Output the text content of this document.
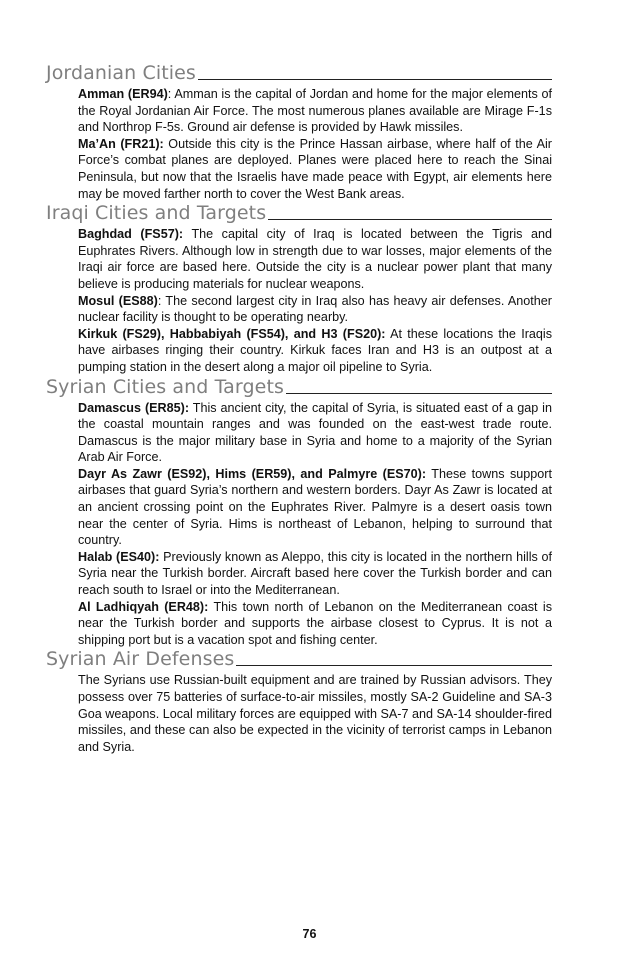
Jordanian Cities

Amman (ER94): Amman is the capital of Jordan and home for the major elements of the Royal Jordanian Air Force. The most numerous planes available are Mirage F-1s and Northrop F-5s. Ground air defense is provided by Hawk missiles.

Ma’An (FR21): Outside this city is the Prince Hassan airbase, where half of the Air Force’s combat planes are deployed. Planes were placed here to reach the Sinai Peninsula, but now that the Israelis have made peace with Egypt, air elements here may be moved farther north to cover the West Bank areas.

Iraqi Cities and Targets

Baghdad (FS57): The capital city of Iraq is located between the Tigris and Euphrates Rivers. Although low in strength due to war losses, major elements of the Iraqi air force are based here. Outside the city is a nuclear power plant that many believe is producing materials for nuclear weapons.

Mosul (ES88): The second largest city in Iraq also has heavy air defenses. Another nuclear facility is thought to be operating nearby.

Kirkuk (FS29), Habbabiyah (FS54), and H3 (FS20): At these locations the Iraqis have airbases ringing their country. Kirkuk faces Iran and H3 is an outpost at a pumping station in the desert along a major oil pipeline to Syria.

Syrian Cities and Targets

Damascus (ER85): This ancient city, the capital of Syria, is situated east of a gap in the coastal mountain ranges and was founded on the east-west trade route. Damascus is the major military base in Syria and home to a majority of the Syrian Arab Air Force.

Dayr As Zawr (ES92), Hims (ER59), and Palmyre (ES70): These towns support airbases that guard Syria’s northern and western borders. Dayr As Zawr is located at an ancient crossing point on the Euphrates River. Palmyre is a desert oasis town near the center of Syria. Hims is northeast of Lebanon, helping to surround that country.

Halab (ES40): Previously known as Aleppo, this city is located in the northern hills of Syria near the Turkish border. Aircraft based here cover the Turkish border and can reach south to Israel or into the Mediterranean.

Al Ladhiqyah (ER48): This town north of Lebanon on the Mediterranean coast is near the Turkish border and supports the airbase closest to Cyprus. It is not a shipping port but is a vacation spot and fishing center.

Syrian Air Defenses

The Syrians use Russian-built equipment and are trained by Russian advisors. They possess over 75 batteries of surface-to-air missiles, mostly SA-2 Guideline and SA-3 Goa weapons. Local military forces are equipped with SA-7 and SA-14 shoulder-fired missiles, and these can also be expected in the vicinity of terrorist camps in Lebanon and Syria.

76
